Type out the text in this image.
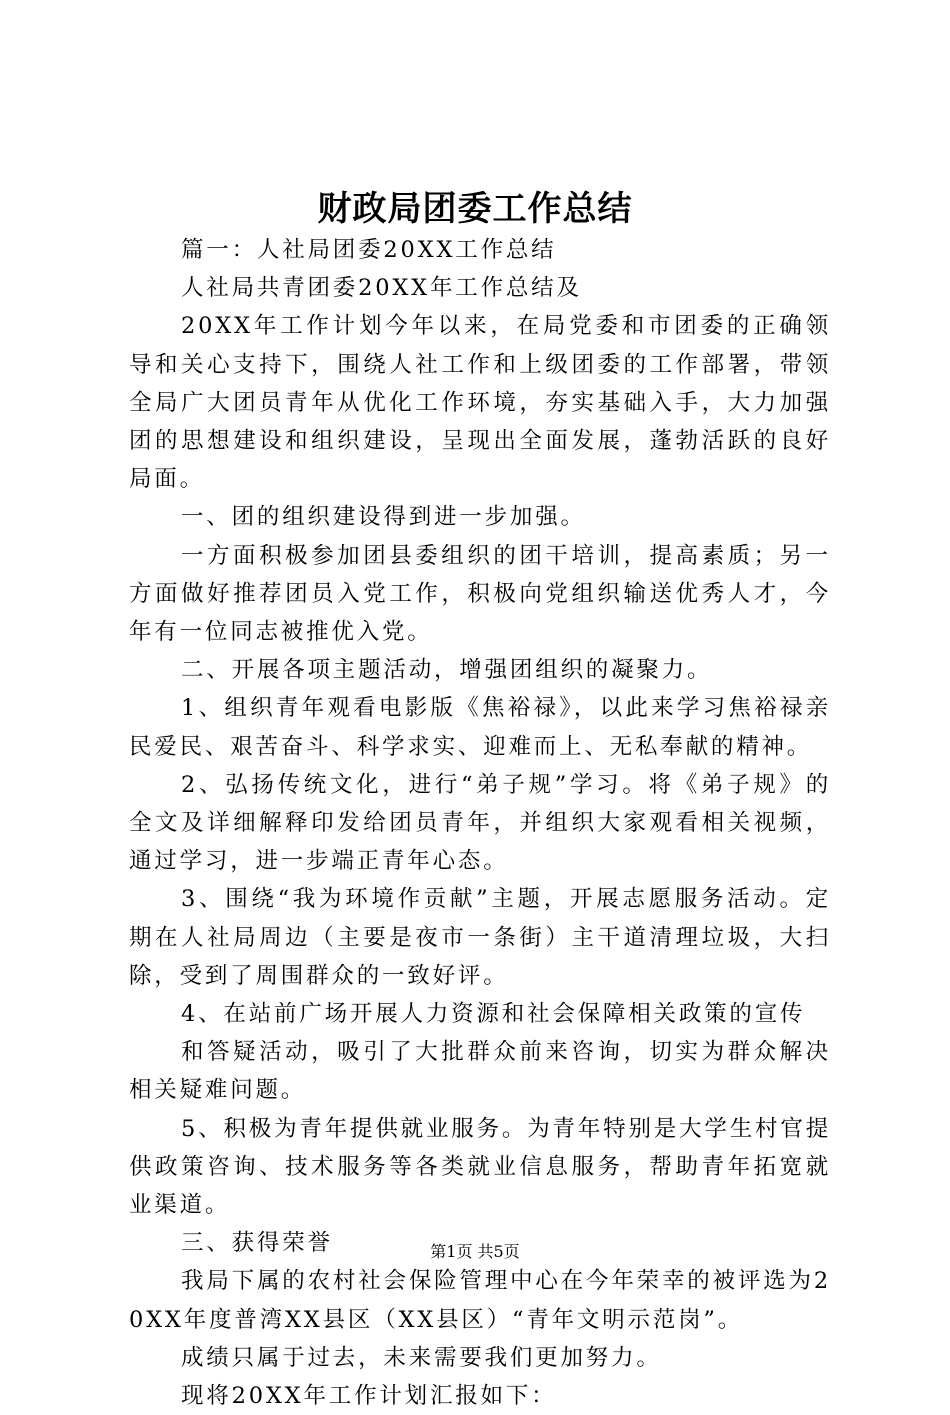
财政局团委工作总结

篇一：人社局团委20XX工作总结

人社局共青团委20XX年工作总结及

20XX年工作计划今年以来，在局党委和市团委的正确领导和关心支持下，围绕人社工作和上级团委的工作部署，带领全局广大团员青年从优化工作环境，夯实基础入手，大力加强团的思想建设和组织建设，呈现出全面发展，蓬勃活跃的良好局面。

一、团的组织建设得到进一步加强。

一方面积极参加团县委组织的团干培训，提高素质；另一方面做好推荐团员入党工作，积极向党组织输送优秀人才，今年有一位同志被推优入党。

二、开展各项主题活动，增强团组织的凝聚力。

1、组织青年观看电影版《焦裕禄》，以此来学习焦裕禄亲民爱民、艰苦奋斗、科学求实、迎难而上、无私奉献的精神。

2、弘扬传统文化，进行“弟子规”学习。将《弟子规》的全文及详细解释印发给团员青年，并组织大家观看相关视频，通过学习，进一步端正青年心态。

3、围绕“我为环境作贡献”主题，开展志愿服务活动。定期在人社局周边（主要是夜市一条街）主干道清理垃圾，大扫除，受到了周围群众的一致好评。

4、在站前广场开展人力资源和社会保障相关政策的宣传

和答疑活动，吸引了大批群众前来咨询，切实为群众解决相关疑难问题。

5、积极为青年提供就业服务。为青年特别是大学生村官提供政策咨询、技术服务等各类就业信息服务，帮助青年拓宽就业渠道。

三、获得荣誉

我局下属的农村社会保险管理中心在今年荣幸的被评选为20XX年度普湾XX县区（XX县区）“青年文明示范岗”。

成绩只属于过去，未来需要我们更加努力。

现将20XX年工作计划汇报如下：

第1页 共5页
